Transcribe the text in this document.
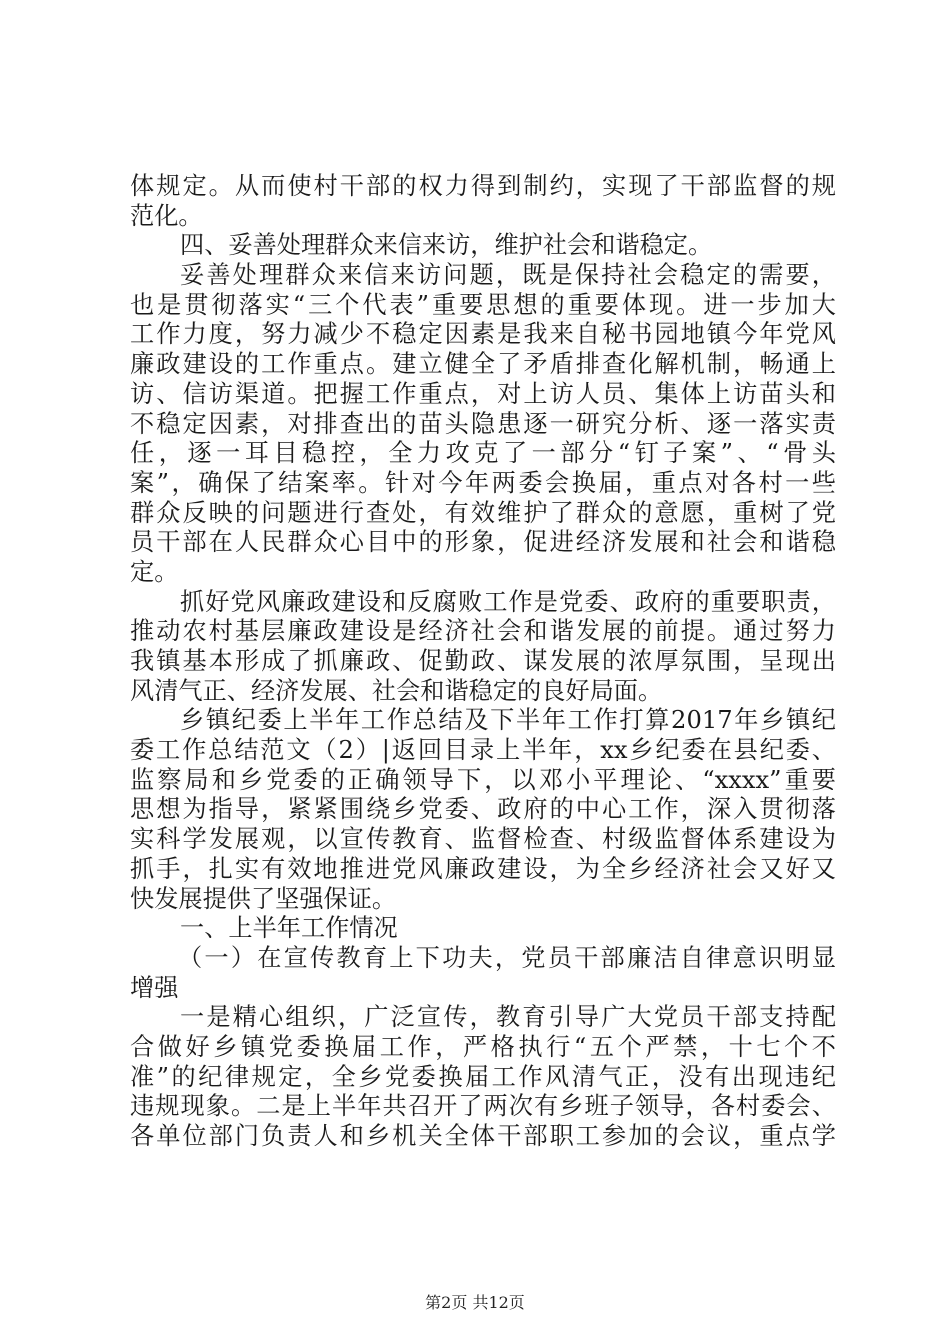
体规定。从而使村干部的权力得到制约，实现了干部监督的规
范化。
四、妥善处理群众来信来访，维护社会和谐稳定。
妥善处理群众来信来访问题，既是保持社会稳定的需要，
也是贯彻落实“三个代表”重要思想的重要体现。进一步加大
工作力度，努力减少不稳定因素是我来自秘书园地镇今年党风
廉政建设的工作重点。建立健全了矛盾排查化解机制，畅通上
访、信访渠道。把握工作重点，对上访人员、集体上访苗头和
不稳定因素，对排查出的苗头隐患逐一研究分析、逐一落实责
任，逐一耳目稳控，全力攻克了一部分“钉子案”、“骨头
案”，确保了结案率。针对今年两委会换届，重点对各村一些
群众反映的问题进行查处，有效维护了群众的意愿，重树了党
员干部在人民群众心目中的形象，促进经济发展和社会和谐稳
定。
抓好党风廉政建设和反腐败工作是党委、政府的重要职责，
推动农村基层廉政建设是经济社会和谐发展的前提。通过努力
我镇基本形成了抓廉政、促勤政、谋发展的浓厚氛围，呈现出
风清气正、经济发展、社会和谐稳定的良好局面。
乡镇纪委上半年工作总结及下半年工作打算2017年乡镇纪
委工作总结范文（2）|返回目录上半年，xx乡纪委在县纪委、
监察局和乡党委的正确领导下，以邓小平理论、“xxxx”重要
思想为指导，紧紧围绕乡党委、政府的中心工作，深入贯彻落
实科学发展观，以宣传教育、监督检查、村级监督体系建设为
抓手，扎实有效地推进党风廉政建设，为全乡经济社会又好又
快发展提供了坚强保证。
一、上半年工作情况
（一）在宣传教育上下功夫，党员干部廉洁自律意识明显
增强
一是精心组织，广泛宣传，教育引导广大党员干部支持配
合做好乡镇党委换届工作，严格执行“五个严禁，十七个不
准”的纪律规定，全乡党委换届工作风清气正，没有出现违纪
违规现象。二是上半年共召开了两次有乡班子领导，各村委会、
各单位部门负责人和乡机关全体干部职工参加的会议，重点学
第2页 共12页
